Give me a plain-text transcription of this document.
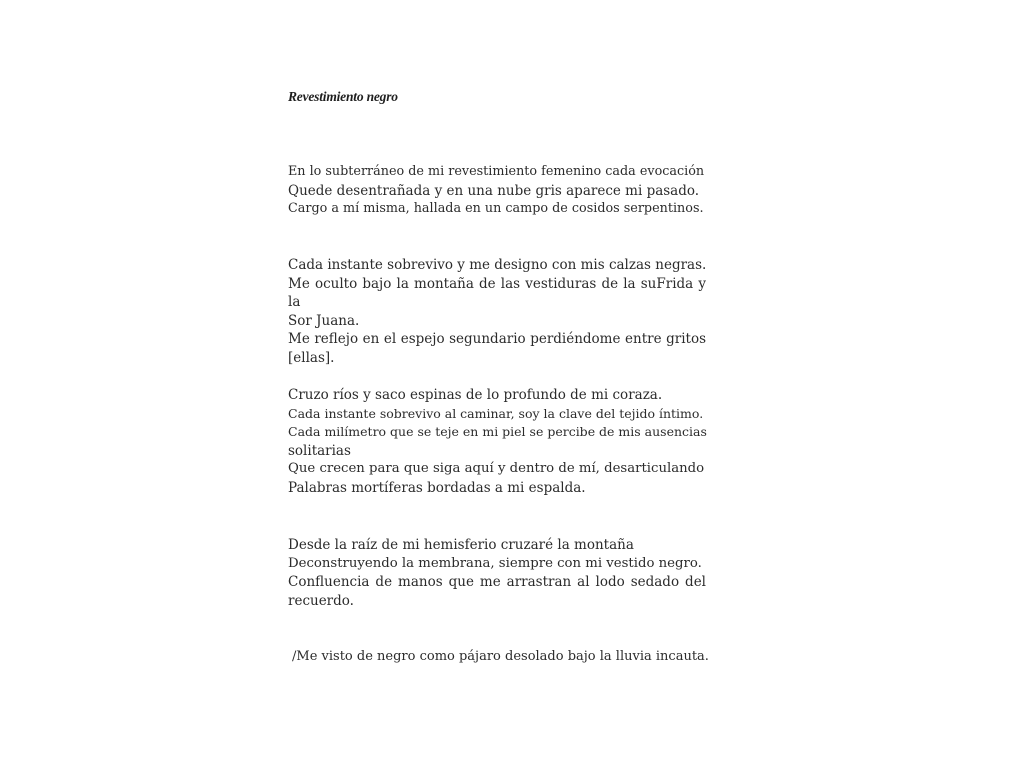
Revestimiento negro
En lo subterráneo de mi revestimiento femenino cada evocación
Quede desentrañada y en una nube gris aparece mi pasado.
Cargo a mí misma, hallada en un campo de cosidos serpentinos.
Cada instante sobrevivo y me designo con mis calzas negras.
Me oculto bajo la montaña de las vestiduras de la suFrida y la
Sor Juana.
Me reflejo en el espejo segundario perdiéndome entre gritos
[ellas].
Cruzo ríos y saco espinas de lo profundo de mi coraza.
Cada instante sobrevivo al caminar, soy la clave del tejido íntimo.
Cada milímetro que se teje en mi piel se percibe de mis ausencias
solitarias
Que crecen para que siga aquí y dentro de mí, desarticulando
Palabras mortíferas bordadas a mi espalda.
Desde la raíz de mi hemisferio cruzaré la montaña
Deconstruyendo la membrana, siempre con mi vestido negro.
Confluencia de manos que me arrastran al lodo sedado del
recuerdo.
/Me visto de negro como pájaro desolado bajo la lluvia incauta.
